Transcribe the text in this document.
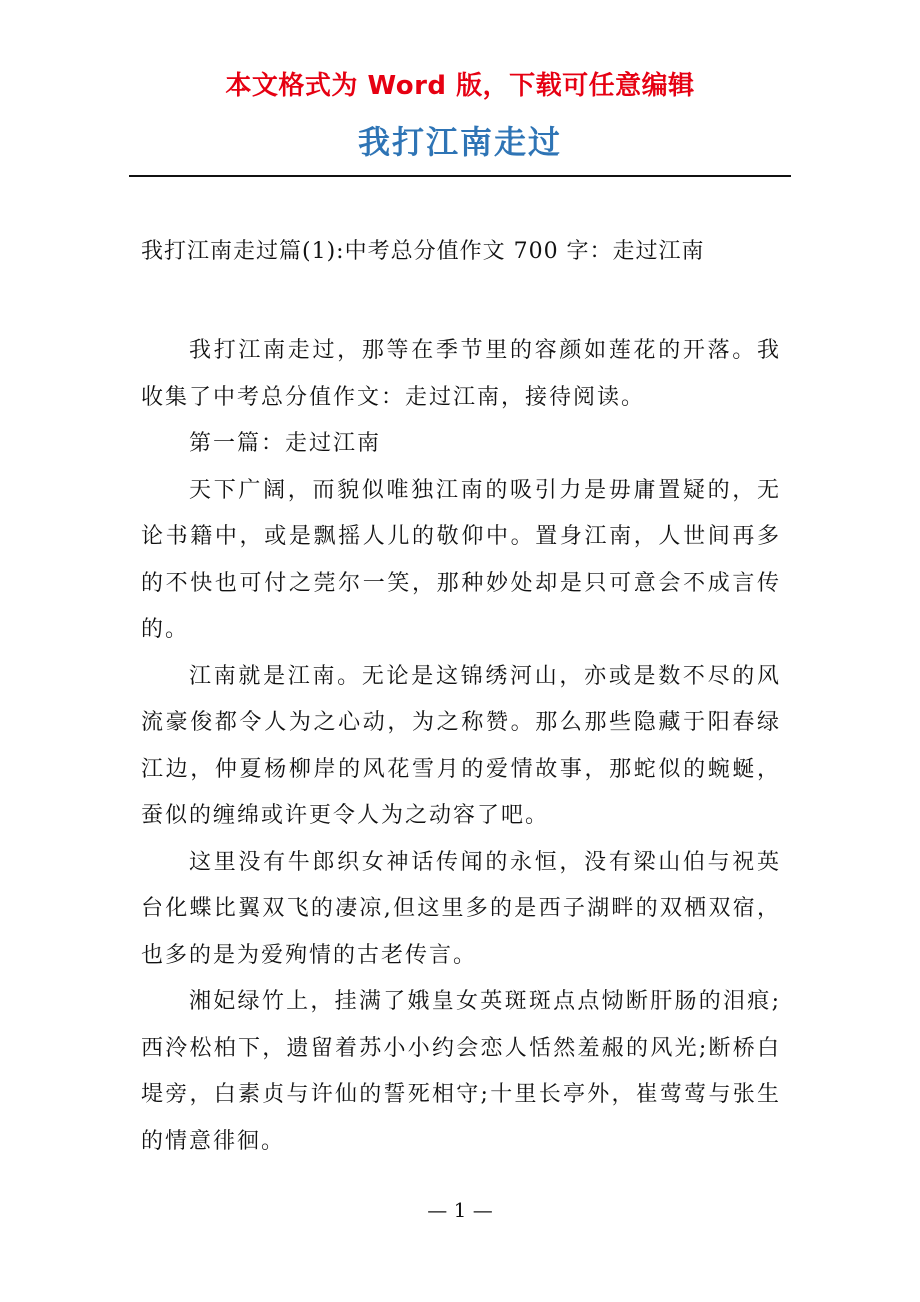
本文格式为 Word 版，下载可任意编辑
我打江南走过
我打江南走过篇(1):中考总分值作文 700 字：走过江南

我打江南走过，那等在季节里的容颜如莲花的开落。我收集了中考总分值作文：走过江南，接待阅读。

第一篇：走过江南

天下广阔，而貌似唯独江南的吸引力是毋庸置疑的，无论书籍中，或是飘摇人儿的敬仰中。置身江南，人世间再多的不快也可付之莞尔一笑，那种妙处却是只可意会不成言传的。

江南就是江南。无论是这锦绣河山，亦或是数不尽的风流豪俊都令人为之心动，为之称赞。那么那些隐藏于阳春绿江边，仲夏杨柳岸的风花雪月的爱情故事，那蛇似的蜿蜒，蚕似的缠绵或许更令人为之动容了吧。

这里没有牛郎织女神话传闻的永恒，没有梁山伯与祝英台化蝶比翼双飞的凄凉,但这里多的是西子湖畔的双栖双宿，也多的是为爱殉情的古老传言。

湘妃绿竹上，挂满了娥皇女英斑斑点点恸断肝肠的泪痕;西泠松柏下，遗留着苏小小约会恋人恬然羞赧的风光;断桥白堤旁，白素贞与许仙的誓死相守;十里长亭外，崔莺莺与张生的情意徘徊。

— 1 —
